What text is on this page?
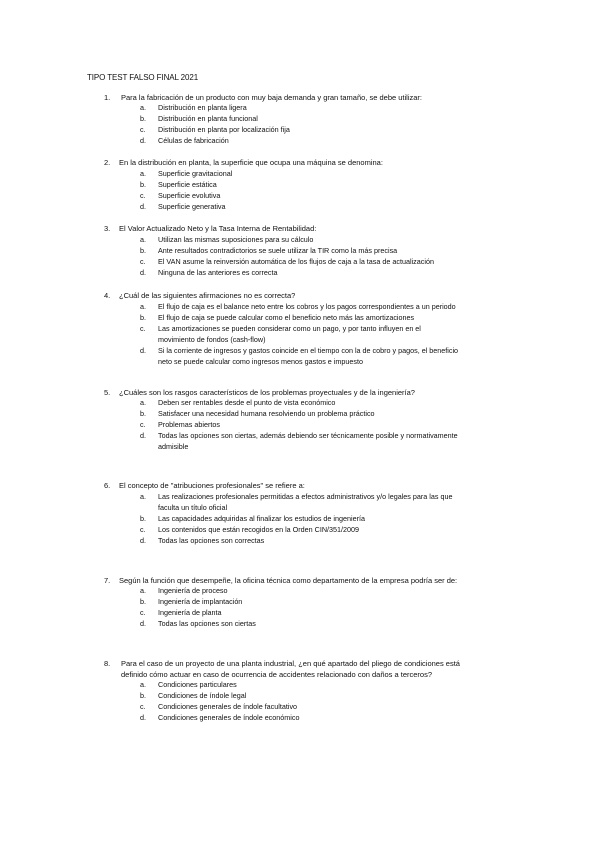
TIPO TEST FALSO FINAL 2021
1.	Para la fabricación de un producto con muy baja demanda y gran tamaño, se debe utilizar:
a.	Distribución en planta ligera
b.	Distribución en planta funcional
c.	Distribución en planta por localización fija
d.	Células de fabricación
2.	En la distribución en planta, la superficie que ocupa una máquina se denomina:
a.	Superficie gravitacional
b.	Superficie estática
c.	Superficie evolutiva
d.	Superficie generativa
3.	El Valor Actualizado Neto y la Tasa Interna de Rentabilidad:
a.	Utilizan las mismas suposiciones para su cálculo
b.	Ante resultados contradictorios se suele utilizar la TIR como la más precisa
c.	El VAN asume la reinversión automática de los flujos de caja a la tasa de actualización
d.	Ninguna de las anteriores es correcta
4.	¿Cuál de las siguientes afirmaciones no es correcta?
a.	El flujo de caja es el balance neto entre los cobros y los pagos correspondientes a un periodo
b.	El flujo de caja se puede calcular como el beneficio neto más las amortizaciones
c.	Las amortizaciones se pueden considerar como un pago, y por tanto influyen en el
movimiento de fondos (cash-flow)
d.	Si la corriente de ingresos y gastos coincide en el tiempo con la de cobro y pagos, el beneficio
neto se puede calcular como ingresos menos gastos e impuesto
5.	¿Cuáles son los rasgos característicos de los problemas proyectuales y de la ingeniería?
a.	Deben ser rentables desde el punto de vista económico
b.	Satisfacer una necesidad humana resolviendo un problema práctico
c.	Problemas abiertos
d.	Todas las opciones son ciertas, además debiendo ser técnicamente posible y normativamente
admisible
6.	El concepto de "atribuciones profesionales" se refiere a:
a.	Las realizaciones profesionales permitidas a efectos administrativos y/o legales para las que
faculta un título oficial
b.	Las capacidades adquiridas al finalizar los estudios de ingeniería
c.	Los contenidos que están recogidos en la Orden CIN/351/2009
d.	Todas las opciones son correctas
7.	Según la función que desempeñe, la oficina técnica como departamento de la empresa podría ser de:
a.	Ingeniería de proceso
b.	Ingeniería de implantación
c.	Ingeniería de planta
d.	Todas las opciones son ciertas
8.	Para el caso de un proyecto de una planta industrial, ¿en qué apartado del pliego de condiciones está
definido cómo actuar en caso de ocurrencia de accidentes relacionado con daños a terceros?
a.	Condiciones particulares
b.	Condiciones de índole legal
c.	Condiciones generales de índole facultativo
d.	Condiciones generales de índole económico
